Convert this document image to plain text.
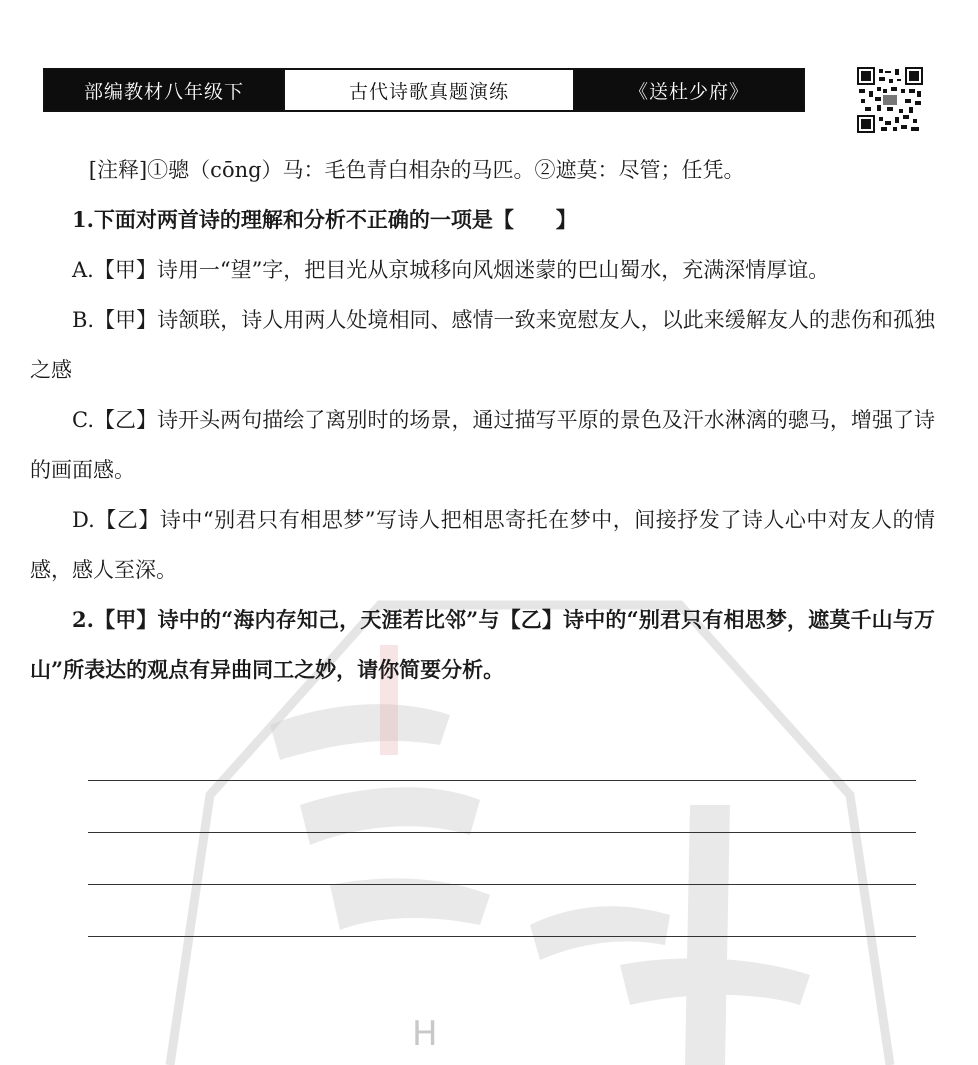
H
部编教材八年级下	古代诗歌真题演练	《送杜少府》

[注释]①骢（cōng）马：毛色青白相杂的马匹。②遮莫：尽管；任凭。

1.下面对两首诗的理解和分析不正确的一项是【　　】

A.【甲】诗用一“望”字，把目光从京城移向风烟迷蒙的巴山蜀水，充满深情厚谊。

B.【甲】诗颔联，诗人用两人处境相同、感情一致来宽慰友人，以此来缓解友人的悲伤和孤独之感

C.【乙】诗开头两句描绘了离别时的场景，通过描写平原的景色及汗水淋漓的骢马，增强了诗的画面感。

D.【乙】诗中“别君只有相思梦”写诗人把相思寄托在梦中，间接抒发了诗人心中对友人的情感，感人至深。

2.【甲】诗中的“海内存知己，天涯若比邻”与【乙】诗中的“别君只有相思梦，遮莫千山与万山”所表达的观点有异曲同工之妙，请你简要分析。
